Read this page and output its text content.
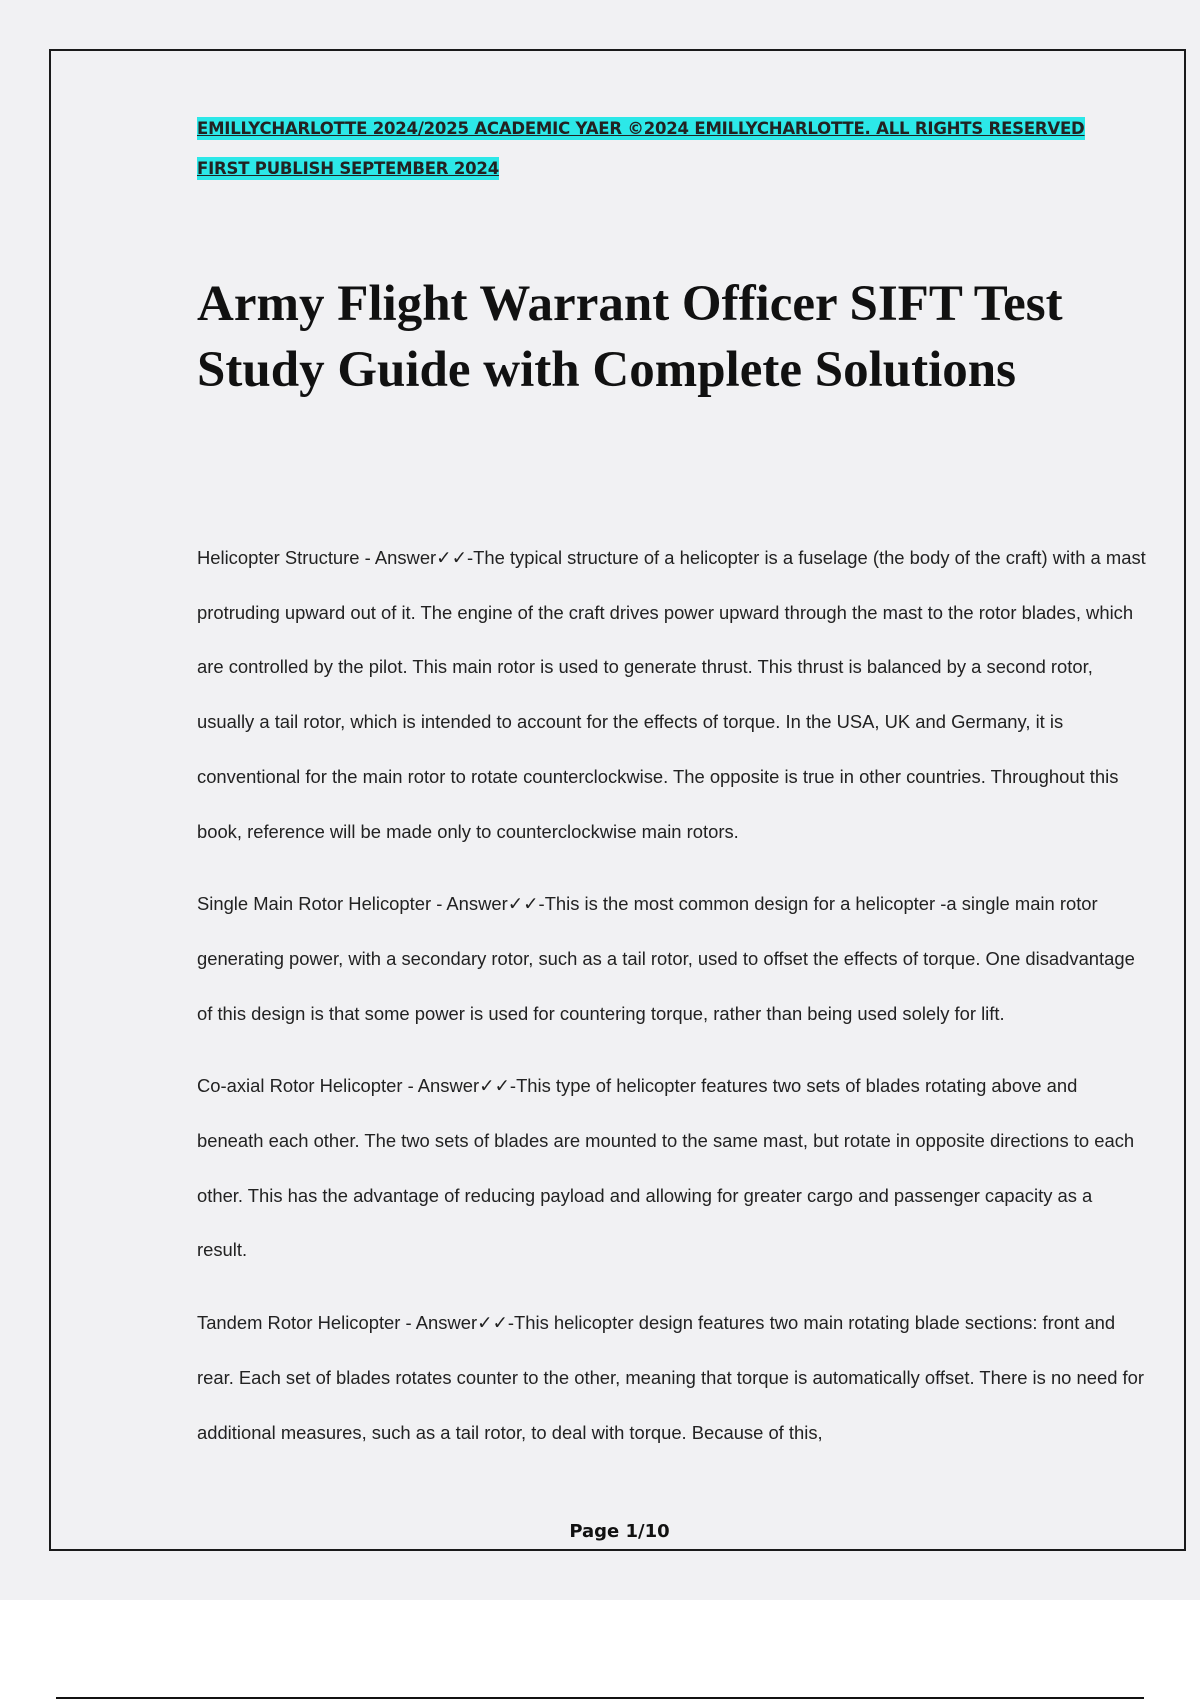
EMILLYCHARLOTTE 2024/2025 ACADEMIC YAER ©2024 EMILLYCHARLOTTE. ALL RIGHTS RESERVED
FIRST PUBLISH SEPTEMBER 2024
Army Flight Warrant Officer SIFT Test
Study Guide with Complete Solutions

Helicopter Structure - Answer✓✓-The typical structure of a helicopter is a fuselage (the body of the craft) with a mast protruding upward out of it. The engine of the craft drives power upward through the mast to the rotor blades, which are controlled by the pilot. This main rotor is used to generate thrust. This thrust is balanced by a second rotor, usually a tail rotor, which is intended to account for the effects of torque. In the USA, UK and Germany, it is conventional for the main rotor to rotate counterclockwise. The opposite is true in other countries. Throughout this book, reference will be made only to counterclockwise main rotors.

Single Main Rotor Helicopter - Answer✓✓-This is the most common design for a helicopter -a single main rotor generating power, with a secondary rotor, such as a tail rotor, used to offset the effects of torque. One disadvantage of this design is that some power is used for countering torque, rather than being used solely for lift.

Co-axial Rotor Helicopter - Answer✓✓-This type of helicopter features two sets of blades rotating above and beneath each other. The two sets of blades are mounted to the same mast, but rotate in opposite directions to each other. This has the advantage of reducing payload and allowing for greater cargo and passenger capacity as a result.

Tandem Rotor Helicopter - Answer✓✓-This helicopter design features two main rotating blade sections: front and rear. Each set of blades rotates counter to the other, meaning that torque is automatically offset. There is no need for additional measures, such as a tail rotor, to deal with torque. Because of this,

Page 1/10
